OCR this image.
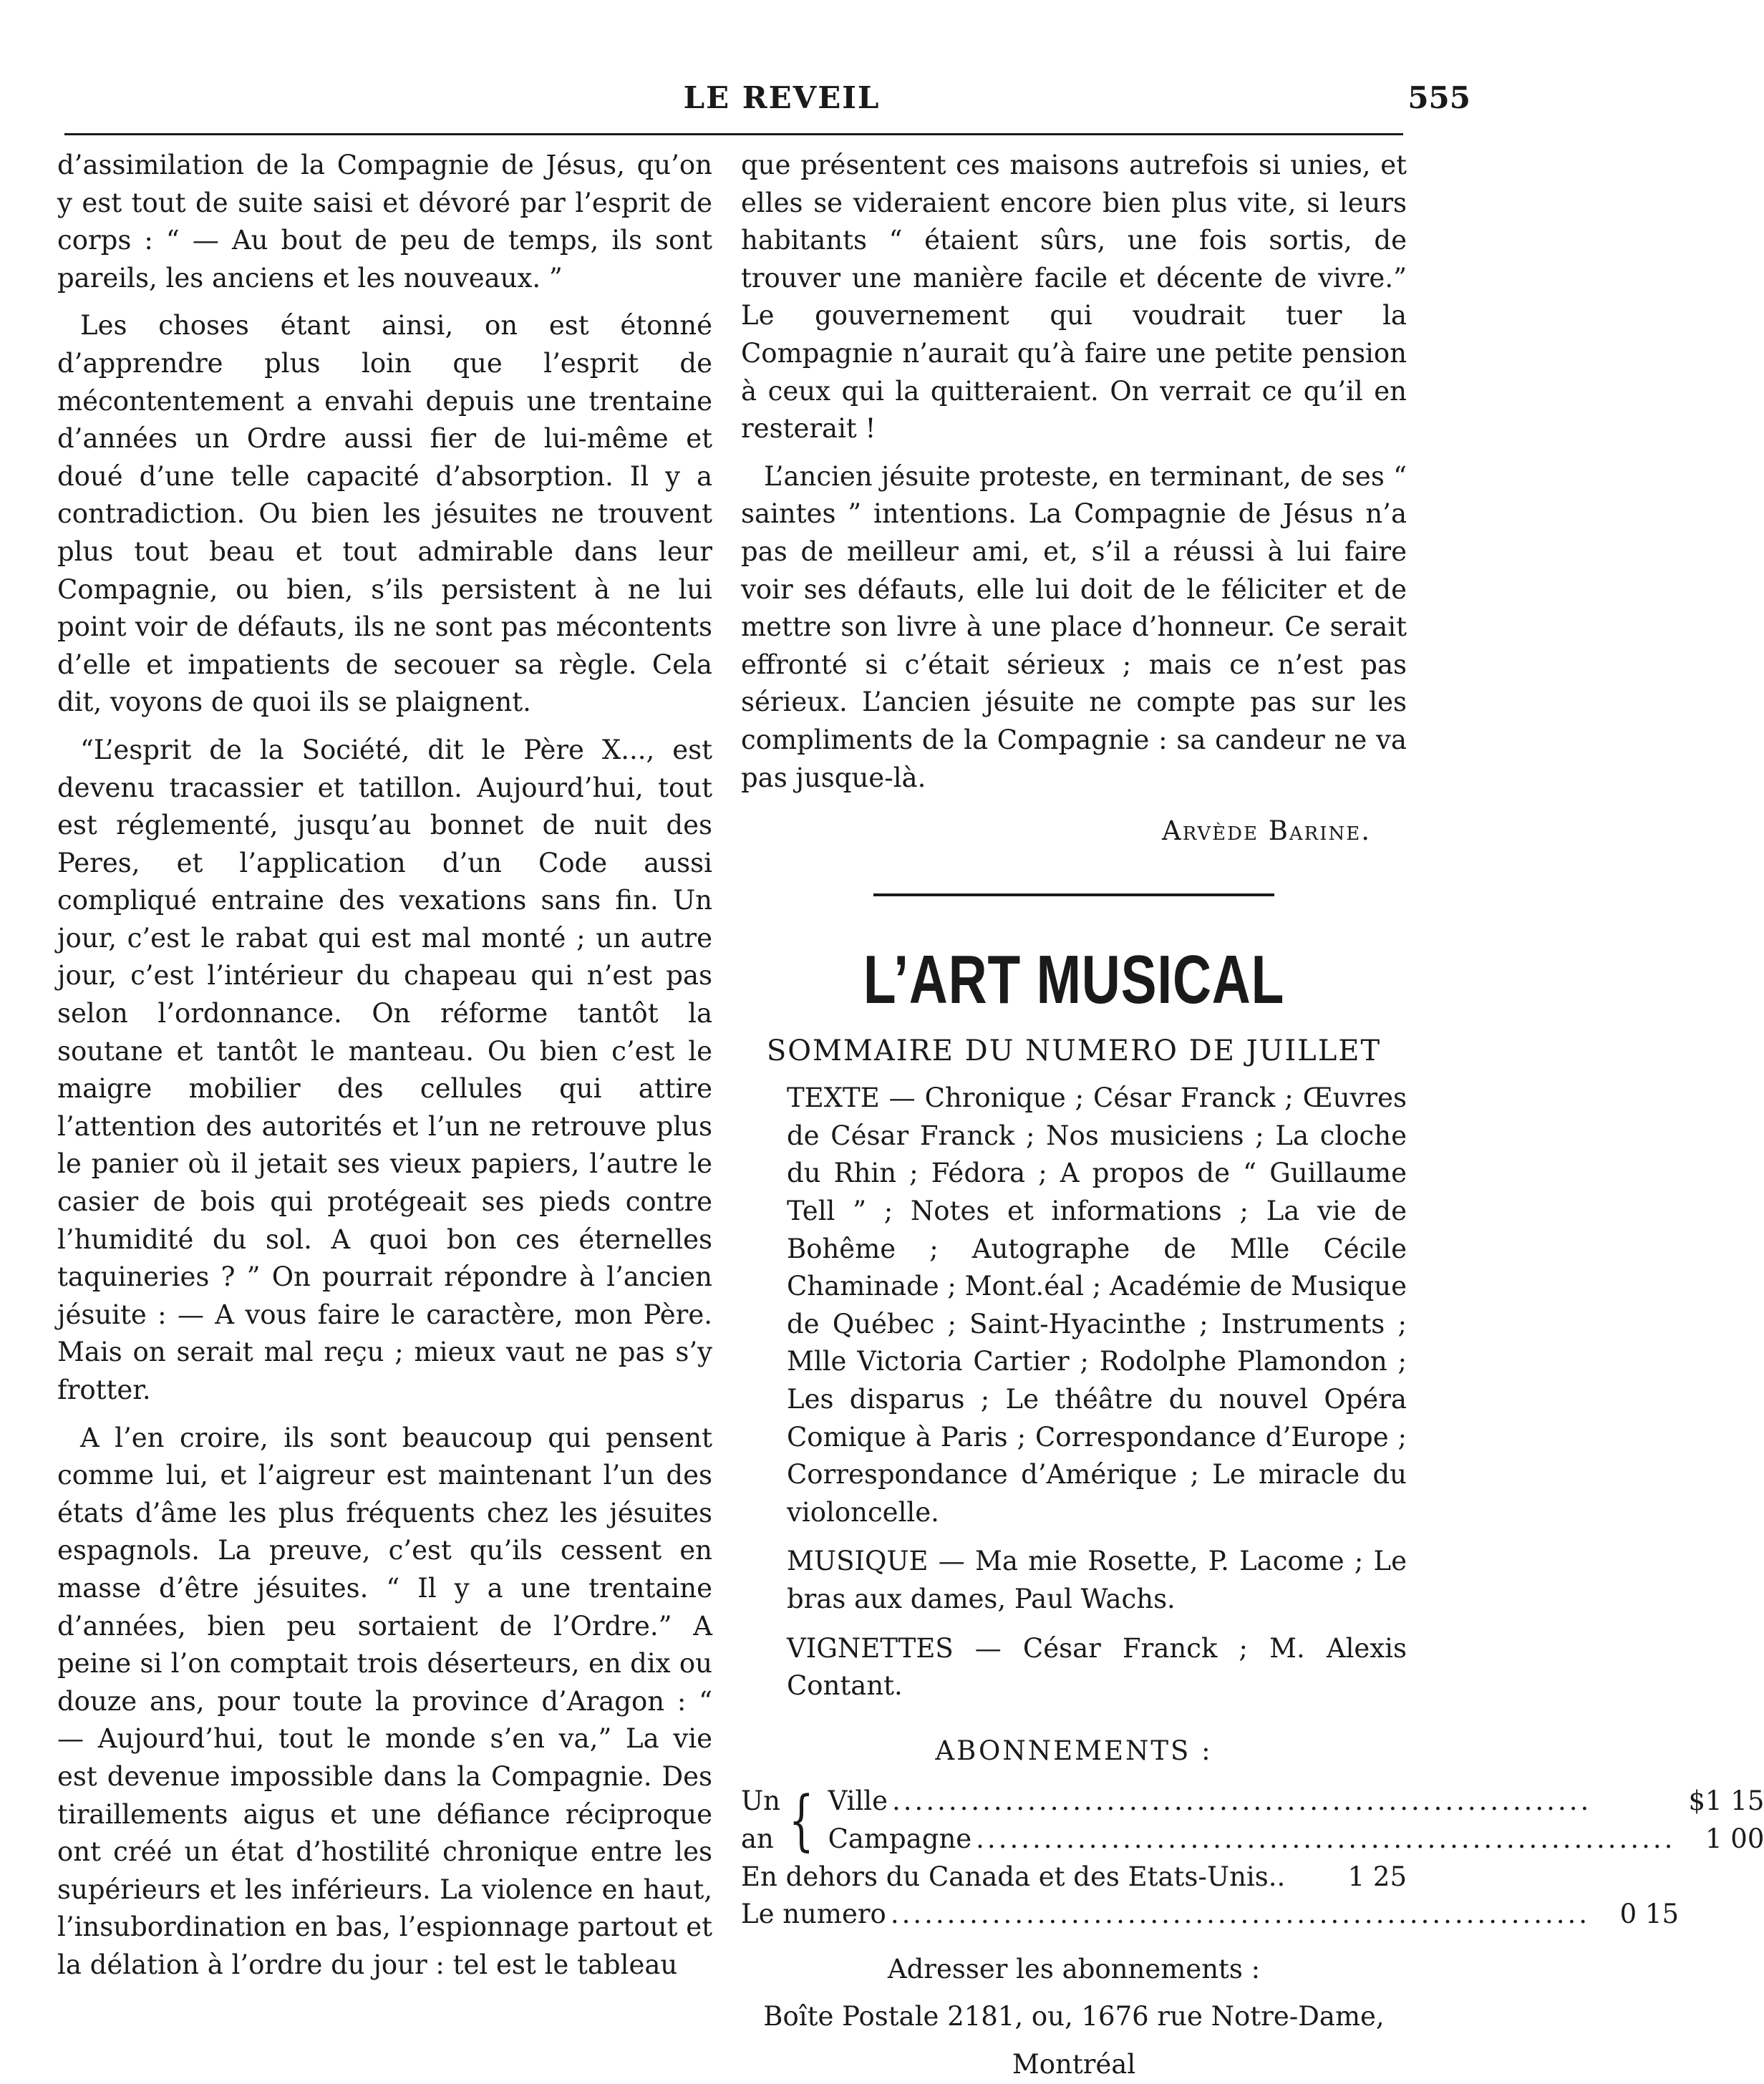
LE REVEIL	555

d’assimilation de la Compagnie de Jésus, qu’on y est tout de suite saisi et dévoré par l’esprit de corps : “ — Au bout de peu de temps, ils sont pareils, les anciens et les nouveaux. ”

Les choses étant ainsi, on est étonné d’apprendre plus loin que l’esprit de mécontentement a envahi depuis une trentaine d’années un Ordre aussi fier de lui-même et doué d’une telle capacité d’absorption. Il y a contradiction. Ou bien les jésuites ne trouvent plus tout beau et tout admirable dans leur Compagnie, ou bien, s’ils persistent à ne lui point voir de défauts, ils ne sont pas mécontents d’elle et impatients de secouer sa règle. Cela dit, voyons de quoi ils se plaignent.

“L’esprit de la Société, dit le Père X..., est devenu tracassier et tatillon. Aujourd’hui, tout est réglementé, jusqu’au bonnet de nuit des Peres, et l’application d’un Code aussi compliqué entraine des vexations sans fin. Un jour, c’est le rabat qui est mal monté ; un autre jour, c’est l’intérieur du chapeau qui n’est pas selon l’ordonnance. On réforme tantôt la soutane et tantôt le manteau. Ou bien c’est le maigre mobilier des cellules qui attire l’attention des autorités et l’un ne retrouve plus le panier où il jetait ses vieux papiers, l’autre le casier de bois qui protégeait ses pieds contre l’humidité du sol. A quoi bon ces éternelles taquineries ? ” On pourrait répondre à l’ancien jésuite : — A vous faire le caractère, mon Père. Mais on serait mal reçu ; mieux vaut ne pas s’y frotter.

A l’en croire, ils sont beaucoup qui pensent comme lui, et l’aigreur est maintenant l’un des états d’âme les plus fréquents chez les jésuites espagnols. La preuve, c’est qu’ils cessent en masse d’être jésuites. “ Il y a une trentaine d’années, bien peu sortaient de l’Ordre.” A peine si l’on comptait trois déserteurs, en dix ou douze ans, pour toute la province d’Aragon : “ — Aujourd’hui, tout le monde s’en va,” La vie est devenue impossible dans la Compagnie. Des tiraillements aigus et une défiance réciproque ont créé un état d’hostilité chronique entre les supérieurs et les inférieurs. La violence en haut, l’insubordination en bas, l’espionnage partout et la délation à l’ordre du jour : tel est le tableau

que présentent ces maisons autrefois si unies, et elles se videraient encore bien plus vite, si leurs habitants “ étaient sûrs, une fois sortis, de trouver une manière facile et décente de vivre.” Le gouvernement qui voudrait tuer la Compagnie n’aurait qu’à faire une petite pension à ceux qui la quitteraient. On verrait ce qu’il en resterait !

L’ancien jésuite proteste, en terminant, de ses “ saintes ” intentions. La Compagnie de Jésus n’a pas de meilleur ami, et, s’il a réussi à lui faire voir ses défauts, elle lui doit de le féliciter et de mettre son livre à une place d’honneur. Ce serait effronté si c’était sérieux ; mais ce n’est pas sérieux. L’ancien jésuite ne compte pas sur les compliments de la Compagnie : sa candeur ne va pas jusque-là.

Arvède Barine.

L’ART MUSICAL

SOMMAIRE DU NUMERO DE JUILLET

TEXTE — Chronique ; César Franck ; Œuvres de César Franck ; Nos musiciens ; La cloche du Rhin ; Fédora ; A propos de “ Guillaume Tell ” ; Notes et informations ; La vie de Bohême ; Autographe de Mlle Cécile Chaminade ; Mont.éal ; Académie de Musique de Québec ; Saint-Hyacinthe ; Instruments ; Mlle Victoria Cartier ; Rodolphe Plamondon ; Les disparus ; Le théâtre du nouvel Opéra Comique à Paris ; Correspondance d’Europe ; Correspondance d’Amérique ; Le miracle du violoncelle.

MUSIQUE — Ma mie Rosette, P. Lacome ; Le bras aux dames, Paul Wachs.

VIGNETTES — César Franck ; M. Alexis Contant.

ABONNEMENTS :

Un an { Ville ..............................................................	$1 15
Campagne ..............................................................	1 00
En dehors du Canada et des Etats-Unis..	1 25
Le numero ..............................................................	0 15

Adresser les abonnements :

Boîte Postale 2181, ou, 1676 rue Notre-Dame,

Montréal
